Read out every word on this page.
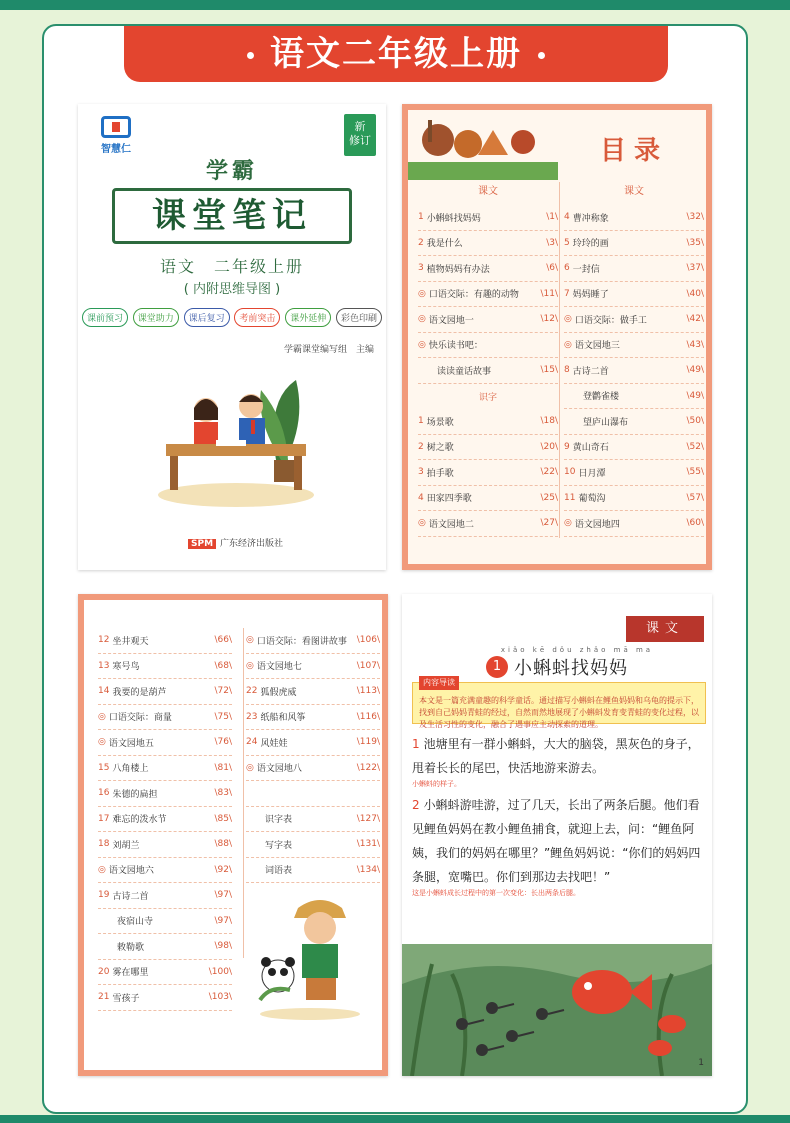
语文二年级上册
智慧仁
新
修订
学霸
课堂笔记
语文　二年级上册
( 内附思维导图 )
课前预习	课堂助力	课后复习	考前突击	课外延伸	彩色印刷
学霸课堂编写组　主编
SPM 广东经济出版社
目录
课文
1 小蝌蚪找妈妈	\1\
2 我是什么	\3\
3 植物妈妈有办法	\6\
◎ 口语交际：有趣的动物	\11\
◎ 语文园地一	\12\
◎ 快乐读书吧：
读读童话故事	\15\
识字
1 场景歌	\18\
2 树之歌	\20\
3 拍手歌	\22\
4 田家四季歌	\25\
◎ 语文园地二	\27\
课文
4 曹冲称象	\32\
5 玲玲的画	\35\
6 一封信	\37\
7 妈妈睡了	\40\
◎ 口语交际：做手工	\42\
◎ 语文园地三	\43\
8 古诗二首	\49\
登鹳雀楼	\49\
望庐山瀑布	\50\
9 黄山奇石	\52\
10 日月潭	\55\
11 葡萄沟	\57\
◎ 语文园地四	\60\
12 坐井观天	\66\
13 寒号鸟	\68\
14 我要的是葫芦	\72\
◎ 口语交际：商量	\75\
◎ 语文园地五	\76\
15 八角楼上	\81\
16 朱德的扁担	\83\
17 难忘的泼水节	\85\
18 刘胡兰	\88\
◎ 语文园地六	\92\
19 古诗二首	\97\
夜宿山寺	\97\
敕勒歌	\98\
20 雾在哪里	\100\
21 雪孩子	\103\
◎ 口语交际：看图讲故事	\106\
◎ 语文园地七	\107\
22 狐假虎威	\113\
23 纸船和风筝	\116\
24 风娃娃	\119\
◎ 语文园地八	\122\
识字表	\127\
写字表	\131\
词语表	\134\
课文
xiǎo kē dǒu zhǎo mā ma
1 小蝌蚪找妈妈
内容导读
本文是一篇充满童趣的科学童话。通过描写小蝌蚪在鲤鱼妈妈和乌龟的提示下，找到自己妈妈青蛙的经过，自然而然地展现了小蝌蚪发育变青蛙的变化过程，以及生活习性的变化，融合了遇事应主动探索的道理。

1 池塘里有一群小蝌蚪，大大的脑袋，黑灰色的身子，甩着长长的尾巴，快活地游来游去。
小蝌蚪的样子。

2 小蝌蚪游哇游，过了几天，长出了两条后腿。他们看见鲤鱼妈妈在教小鲤鱼捕食，就迎上去，问：“鲤鱼阿姨，我们的妈妈在哪里？”鲤鱼妈妈说：“你们的妈妈四条腿，宽嘴巴。你们到那边去找吧！”
这是小蝌蚪成长过程中的第一次变化：长出两条后腿。

1
